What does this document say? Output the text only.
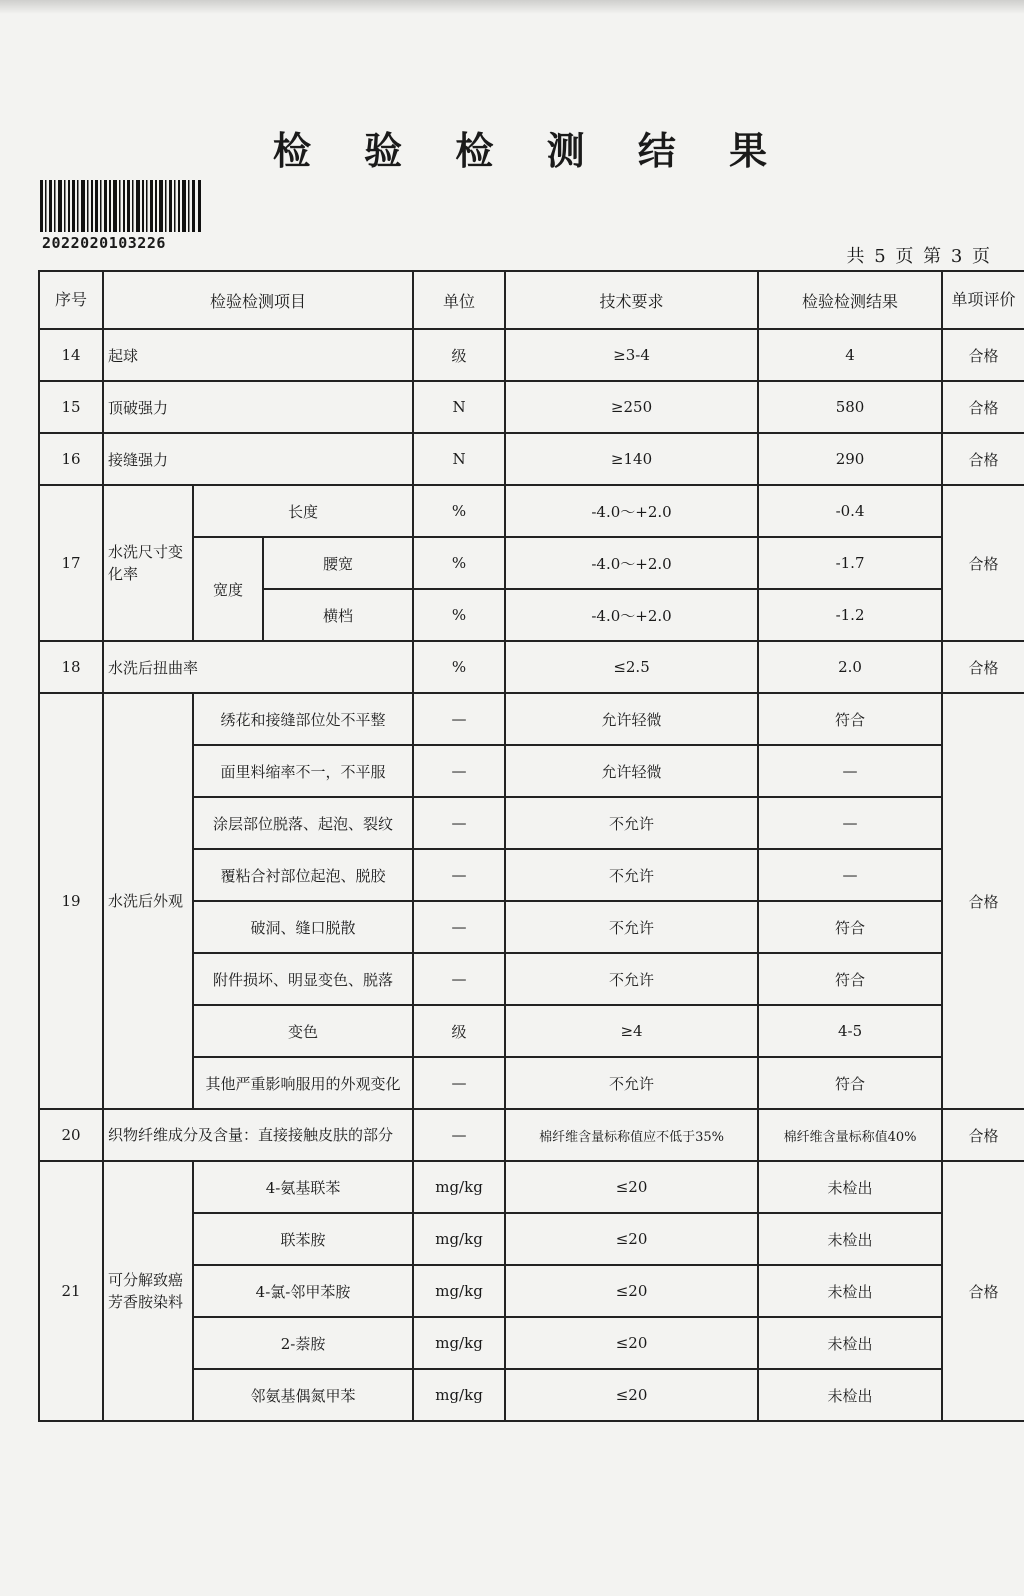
检 验 检 测 结 果
2022020103226
共 5 页 第 3 页
序号	检验检测项目			单位	技术要求	检验检测结果	单项评价
14	起球			级	≥3-4	4	合格
15	顶破强力			N	≥250	580	合格
16	接缝强力			N	≥140	290	合格
17	水洗尺寸变化率	长度		%	-4.0～+2.0	-0.4	合格
		宽度	腰宽	%	-4.0～+2.0	-1.7	
			横档	%	-4.0～+2.0	-1.2	
18	水洗后扭曲率			%	≤2.5	2.0	合格
19	水洗后外观	绣花和接缝部位处不平整		—	允许轻微	符合	合格
		面里料缩率不一，不平服		—	允许轻微	—	
		涂层部位脱落、起泡、裂纹		—	不允许	—	
		覆粘合衬部位起泡、脱胶		—	不允许	—	
		破洞、缝口脱散		—	不允许	符合	
		附件损坏、明显变色、脱落		—	不允许	符合	
		变色		级	≥4	4-5	
		其他严重影响服用的外观变化		—	不允许	符合	
20	织物纤维成分及含量：直接接触皮肤的部分			—	棉纤维含量标称值应不低于35%	棉纤维含量标称值40%	合格
21	可分解致癌芳香胺染料	4-氨基联苯		mg/kg	≤20	未检出	合格
		联苯胺		mg/kg	≤20	未检出	
		4-氯-邻甲苯胺		mg/kg	≤20	未检出	
		2-萘胺		mg/kg	≤20	未检出	
		邻氨基偶氮甲苯		mg/kg	≤20	未检出	
